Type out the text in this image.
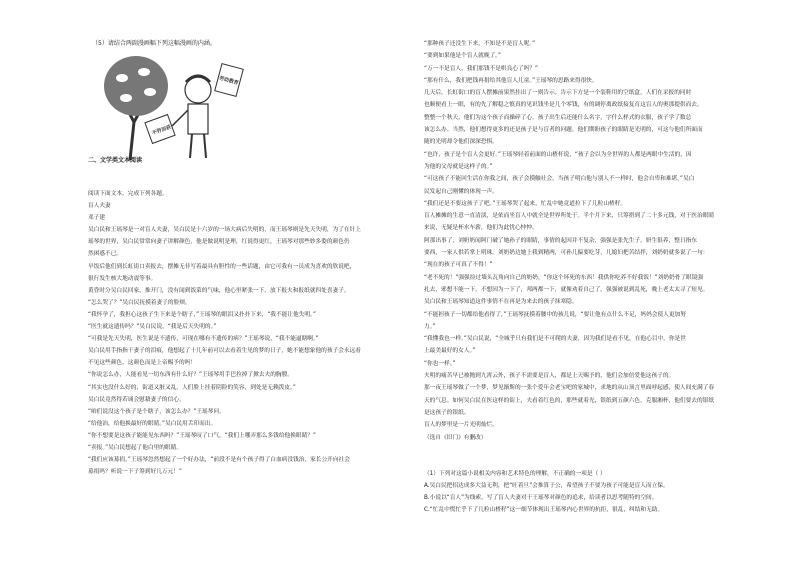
（5）请结合两副漫画幅下列这幅漫画的内涵。
不劳而获
劳动教育
二、文学类文本阅读

阅读下面文本，完成下列各题。

盲人夫妻

邓子建

吴白民和王瑶琴是一对盲人夫妻，吴白民是十六岁的一场大病后失明的，而王瑶琴则是先天失明，为了在针上

瑶琴的世界，吴白民常常向妻子讲解颜色，他是做说明是理，红说得更红，王瑶琴对那些妙多姿的颜色仍

然困惑不已。

早饭后他们到长虹街口卖报去，摆摊无非写着最具有胆性的一些话题，由它可我有一员成为喜欢的欣说吧，

很行发生核大地动震等事。

黄昏时分吴白民回家，推开门，没有闻到饭菜的气味，他心里紧张一下，放下报夫和报纸就四处喜妻子。

“怎么哭了？”吴白民抚摸着妻子的脸颊。

“我怀孕了，我担心这孩子生下来是个瞎子，”王瑶琴的眼泪又扑扑下来，“我不能让他失明。”

“医生就这遗传吗？”吴白民说，“我是后天失明的。”

“可我是先天失明，医生说是不遗传，可现在哪有不遗传的病？”王瑶琴说，“我不能逼瞎啊。”

吴白民用手指指干妻子的泪痕，他想起了十几年前可以去看着生见的梦的日子，她不能想象他的孩子会永远看

不见这些颜色，这颜色而是上帝赐予的吗！

“你说怎么办，人能看见一切东西有什么好？”王瑶琴用手巴拉掉了掀去夫的胸膛。

“其实也没什么好的，街道又脏又乱，人们脸上挂着阴险的笑容，到处是无赖泼皮。”

吴白民竟然得若诵会慰藉妻子的信心。

“咱们说没这个孩子是个瞎子，该怎么办？”王瑶琴问。

“给他治，给他换最好的眼睛。”吴白民用舌印而出。

“你不想要是这孩子能能见东西吗？”王瑶琴叹了口气，“我们上哪弄那么多钱给他换眼睛？”

“卖报。”吴白民想起了他白里的眼睛。

“我们应该募捐，”王瑶琴忽然想起了一个好办法，“前段不是有个孩子得了白血病没钱治，家长公开向社会

募捐吗？听说一下子筹到好几万元！”

“那种孩子还没生下来，不知是不是盲人呢。”

“要到如果他是个盲人就晚了。”

“万一不是盲人，我们那钱不是哄良心了吗？”

“那有什么，我们把钱再捐给其他盲人儿童。”王瑶琴的思路来得很快。

几天后，长虹街口的盲人摆摊前果然挂出了一则告示。告示下方是一个装鞋用的空纸盒，人们在采报的同时

也顺便看上一眼，有的先了解稳之慎真的见识钱坐是几个零钱，有的调停离政纸接复育这盲人的奥那提供而去。

整整一个秋天，他们为这个孩子而操碎了心。孩子出生后还能什么名字，字什么样式的衣服，孩子学了数总

该怎么办。当然，他们想得更多的还是孩子是与盲者的问题。他们期盼孩子的眼睛是光明的，可这与他们所面而

随的光明却令他们深深恐惧。

“也许，孩子是个盲人会更好。”王瑶琴轻着前面的山楂杆说，“孩子会以为全世界的人都是两眼中生活的，因

为他的父母就是这样子的。”

“可这孩子不能回生活在你我之间，孩子会摸触社会，当孩子明白他与别人不一样时，他会自卑和难堪。”吴白

民发起自己刚懂的体现一声。

“我们还是不要这孩子了吧。”王瑶琴哭了起来，忙乱中她竟道拉下了几粒山楂籽。

盲人摊摊的生意一直清淡，是依而坐盲人中就全是世界所处于。半个月下来，只筹措到了二十多元钱，对于医治眼睛

来说，无疑是杯水车薪，他们为此忧心忡忡。

阿那出事了，刘奶奶闻阿门破了她孙子的眼睛，事情的起因并不复杂，强强是张先生子，妍生很养，整日指东

要西，一家人供若掌上明珠。刘奶奶边她上我到精两，可孙儿偏要吃芽，儿媳妇把苦结拌，刘奶奶就多说了一句：

“现在的孩子可真了不得！”

“老不死的！”强强捡过墙头瓦角向自己的奶奶，“你这个坏死的东西！我供你吃养不好我饭！”刘奶奶骨了眼镜强

扎去，邪想不能一下，不想因为一下了，邦两都一下，就像劝着自己了。强强被说到乱死，晚上老太太寻了短见。

吴白民和王瑶琴知道这件事情不在再是为来去的孩子抹寒隐。

“不能担孩子一切都给他看得了，”王瑶琴抚摸着腰中的孩儿说，“要让他有点什么不足，妈妈会使人更加努

力。”

“我懂我也一样。”吴白民说，“全城乎只有我们是不可爬的夫妻，因为我们是看不见，在他心目中，你是世

上最美最好的女人。”

“你也一样。”

夫明的痛苦早已被抛到九霄云外，孩子不需要是盲人，都是上天赐予的，他们会加倍爱他这孩子的。

那一夜王瑶琴做了一个梦，梦见渐斯的一张个爱年会老宝吧的家城中，求地的从山顶言里面呼起感，使人间充满了春

天的气息。如何吴白民在医这样的街上，夫看着红色的，那些就着光，银纸到五颜六色，克服湘杯，他们要去的银纸

是这孩子的银纸。

盲人的梦里是一片光明灿烂。

（选自《旧门》有删改）

（1）下列对这篇小说相关内容和艺术特色的理解，不正确的一项是（ ）

A.吴白民把招达成多大益无利，把“旺着旦”会推算于公，希望孩子不要为孩子可能是盲人而立保。

B.小说以“盲人”为线索，写了盲人夫妻对于王瑶琴对颜色的追求，给读者以思考随特的空间。

C.“忙乱中慌忙乎下了几粒山楂籽”这一细节体现出王瑶琴内心世界的抗拒，很乱，纠结和无助。
